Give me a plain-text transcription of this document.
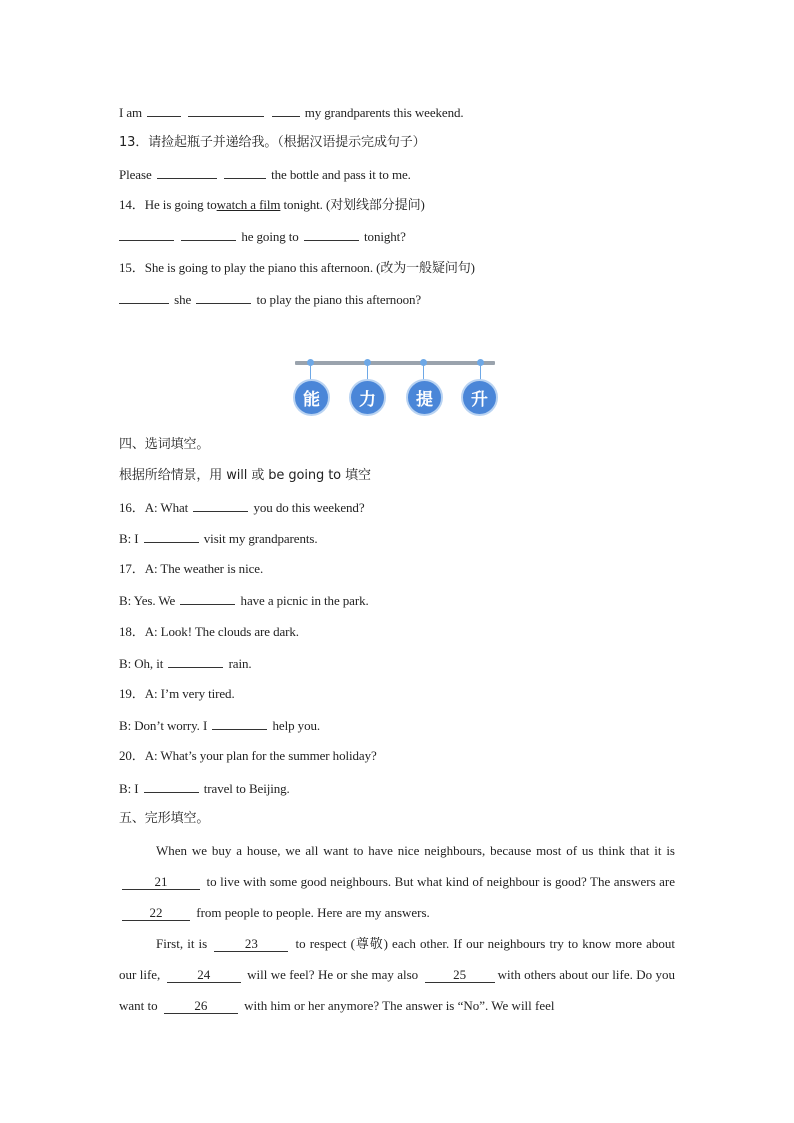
I am	my grandparents this weekend.
13．请捡起瓶子并递给我。（根据汉语提示完成句子）
Please	the bottle and pass it to me.
14．He is going towatch a film tonight. (对划线部分提问)
he going to	tonight?
15．She is going to play the piano this afternoon. (改为一般疑问句)
she	to play the piano this afternoon?
能	力	提	升
四、选词填空。
根据所给情景，用 will 或 be going to 填空
16．A: What	you do this weekend?
B: I	visit my grandparents.
17．A: The weather is nice.
B: Yes. We	have a picnic in the park.
18．A: Look! The clouds are dark.
B: Oh, it	rain.
19．A: I’m very tired.
B: Don’t worry. I	help you.
20．A: What’s your plan for the summer holiday?
B: I	travel to Beijing.
五、完形填空。
When we buy a house, we all want to have nice neighbours, because most of us think that it is 21	to live with some good neighbours. But what kind of neighbour is good? The answers are 22	from people to people. Here are my answers.
First, it is	23	to respect (尊敬) each other. If our neighbours try to know more about our life,	24	will we feel? He or she may also	25 with others about our life. Do you want to	26	with him or her anymore? The answer is “No”. We will feel
